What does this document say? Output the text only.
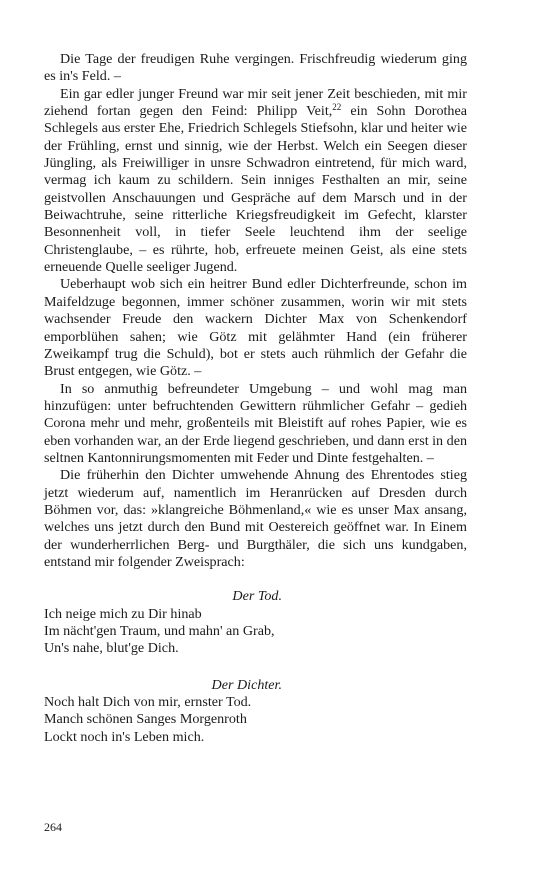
Die Tage der freudigen Ruhe vergingen. Frischfreudig wiederum ging es in's Feld. –

Ein gar edler junger Freund war mir seit jener Zeit beschieden, mit mir ziehend fortan gegen den Feind: Philipp Veit,$^{22}$ ein Sohn Dorothea Schlegels aus erster Ehe, Friedrich Schlegels Stiefsohn, klar und heiter wie der Frühling, ernst und sinnig, wie der Herbst. Welch ein Seegen dieser Jüngling, als Freiwilliger in unsre Schwadron eintretend, für mich ward, vermag ich kaum zu schildern. Sein inniges Festhalten an mir, seine geistvollen Anschauungen und Gespräche auf dem Marsch und in der Beiwachtruhe, seine ritterliche Kriegsfreudigkeit im Gefecht, klarster Besonnenheit voll, in tiefer Seele leuchtend ihm der seelige Christenglaube, – es rührte, hob, erfreuete meinen Geist, als eine stets erneuende Quelle seeliger Jugend.

Ueberhaupt wob sich ein heitrer Bund edler Dichterfreunde, schon im Maifeldzuge begonnen, immer schöner zusammen, worin wir mit stets wachsender Freude den wackern Dichter Max von Schenkendorf emporblühen sahen; wie Götz mit gelähmter Hand (ein früherer Zweikampf trug die Schuld), bot er stets auch rühmlich der Gefahr die Brust entgegen, wie Götz. –

In so anmuthig befreundeter Umgebung – und wohl mag man hinzufügen: unter befruchtenden Gewittern rühmlicher Gefahr – gedieh Corona mehr und mehr, großenteils mit Bleistift auf rohes Papier, wie es eben vorhanden war, an der Erde liegend geschrieben, und dann erst in den seltnen Kantonnirungsmomenten mit Feder und Dinte festgehalten. –

Die früherhin den Dichter umwehende Ahnung des Ehrentodes stieg jetzt wiederum auf, namentlich im Heranrücken auf Dresden durch Böhmen vor, das: »klangreiche Böhmenland,« wie es unser Max ansang, welches uns jetzt durch den Bund mit Oestereich geöffnet war. In Einem der wunderherrlichen Berg- und Burgthäler, die sich uns kundgaben, entstand mir folgender Zweisprach:

Der Tod.

Ich neige mich zu Dir hinab

Im nächt'gen Traum, und mahn' an Grab,

Un's nahe, blut'ge Dich.

Der Dichter.

Noch halt Dich von mir, ernster Tod.

Manch schönen Sanges Morgenroth

Lockt noch in's Leben mich.

264
